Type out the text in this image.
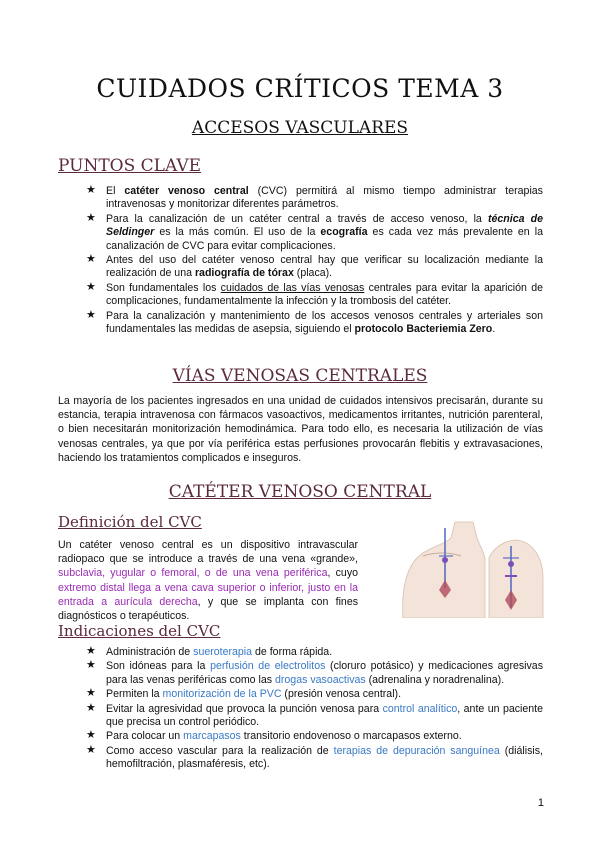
CUIDADOS CRÍTICOS TEMA 3
ACCESOS VASCULARES
PUNTOS CLAVE
★ El catéter venoso central (CVC) permitirá al mismo tiempo administrar terapias intravenosas y monitorizar diferentes parámetros.
★ Para la canalización de un catéter central a través de acceso venoso, la técnica de Seldinger es la más común. El uso de la ecografía es cada vez más prevalente en la canalización de CVC para evitar complicaciones.
★ Antes del uso del catéter venoso central hay que verificar su localización mediante la realización de una radiografía de tórax (placa).
★ Son fundamentales los cuidados de las vías venosas centrales para evitar la aparición de complicaciones, fundamentalmente la infección y la trombosis del catéter.
★ Para la canalización y mantenimiento de los accesos venosos centrales y arteriales son fundamentales las medidas de asepsia, siguiendo el protocolo Bacteriemia Zero.
VÍAS VENOSAS CENTRALES

La mayoría de los pacientes ingresados en una unidad de cuidados intensivos precisarán, durante su estancia, terapia intravenosa con fármacos vasoactivos, medicamentos irritantes, nutrición parenteral, o bien necesitarán monitorización hemodinámica. Para todo ello, es necesaria la utilización de vías venosas centrales, ya que por vía periférica estas perfusiones provocarán flebitis y extravasaciones, haciendo los tratamientos complicados e inseguros.

CATÉTER VENOSO CENTRAL
Definición del CVC

Un catéter venoso central es un dispositivo intravascular radiopaco que se introduce a través de una vena «grande», subclavia, yugular o femoral, o de una vena periférica, cuyo extremo distal llega a vena cava superior o inferior, justo en la entrada a aurícula derecha, y que se implanta con fines diagnósticos o terapéuticos.

Indicaciones del CVC
★ Administración de sueroterapia de forma rápida.
★ Son idóneas para la perfusión de electrolitos (cloruro potásico) y medicaciones agresivas para las venas periféricas como las drogas vasoactivas (adrenalina y noradrenalina).
★ Permiten la monitorización de la PVC (presión venosa central).
★ Evitar la agresividad que provoca la punción venosa para control analítico, ante un paciente que precisa un control periódico.
★ Para colocar un marcapasos transitorio endovenoso o marcapasos externo.
★ Como acceso vascular para la realización de terapias de depuración sanguínea (diálisis, hemofiltración, plasmaféresis, etc).
1
